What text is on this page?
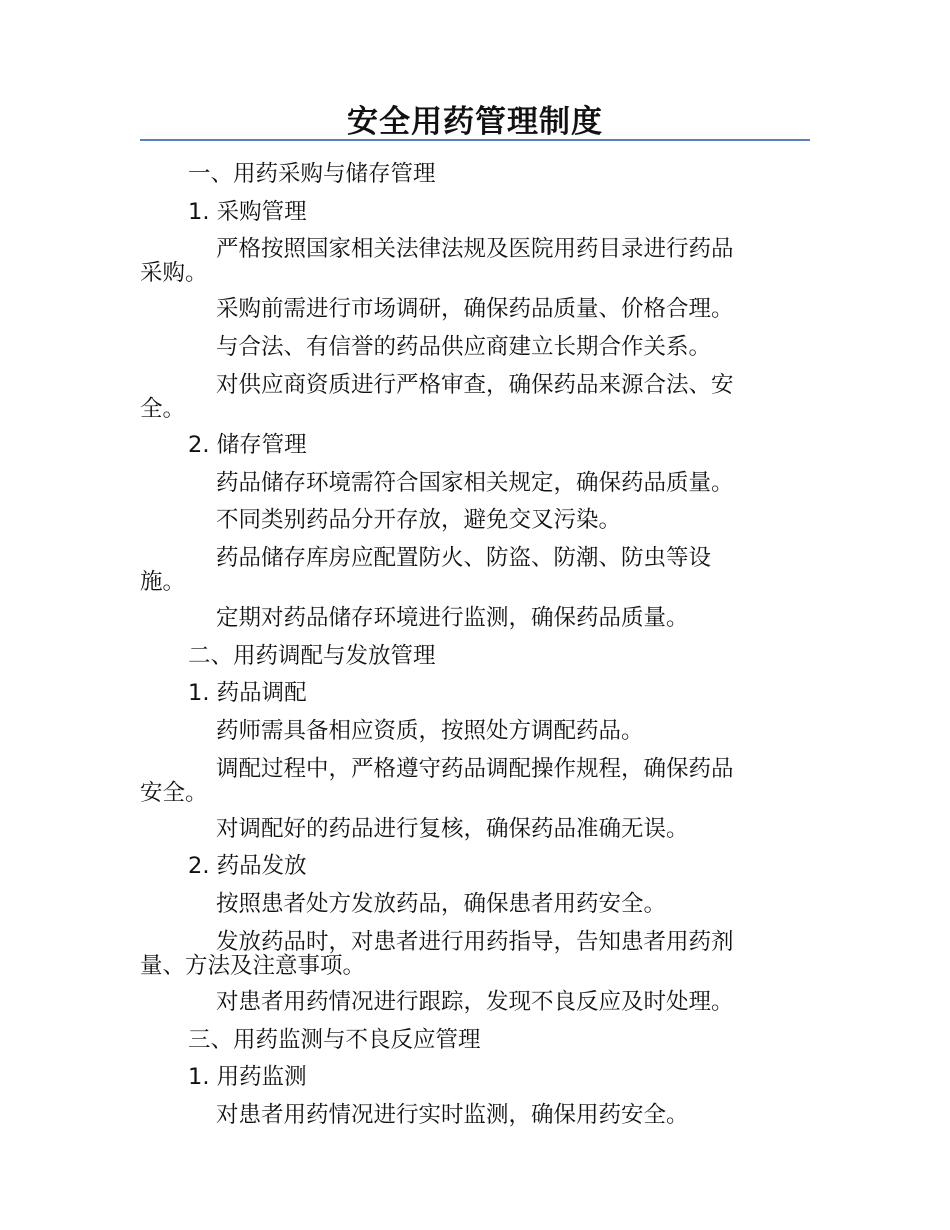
安全用药管理制度
一、用药采购与储存管理
1. 采购管理
严格按照国家相关法律法规及医院用药目录进行药品
采购。
采购前需进行市场调研，确保药品质量、价格合理。
与合法、有信誉的药品供应商建立长期合作关系。
对供应商资质进行严格审查，确保药品来源合法、安
全。
2. 储存管理
药品储存环境需符合国家相关规定，确保药品质量。
不同类别药品分开存放，避免交叉污染。
药品储存库房应配置防火、防盗、防潮、防虫等设
施。
定期对药品储存环境进行监测，确保药品质量。
二、用药调配与发放管理
1. 药品调配
药师需具备相应资质，按照处方调配药品。
调配过程中，严格遵守药品调配操作规程，确保药品
安全。
对调配好的药品进行复核，确保药品准确无误。
2. 药品发放
按照患者处方发放药品，确保患者用药安全。
发放药品时，对患者进行用药指导，告知患者用药剂
量、方法及注意事项。
对患者用药情况进行跟踪，发现不良反应及时处理。
三、用药监测与不良反应管理
1. 用药监测
对患者用药情况进行实时监测，确保用药安全。
